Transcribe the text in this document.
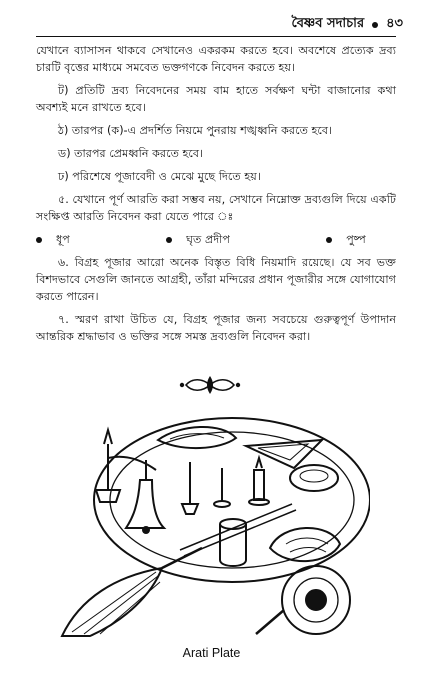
বৈষ্ণব সদাচার ৪৩

যেখানে ব্যাসাসন থাকবে সেখানেও একরকম করতে হবে। অবশেষে প্রত্যেক দ্রব্য চারটি বৃত্তের মাধ্যমে সমবেত ভক্তগণকে নিবেদন করতে হয়।

ট) প্রতিটি দ্রব্য নিবেদনের সময় বাম হাতে সর্বক্ষণ ঘন্টা বাজানোর কথা অবশ্যই মনে রাখতে হবে।

ঠ) তারপর (ক)-এ প্রদর্শিত নিয়মে পুনরায় শঙ্খধ্বনি করতে হবে।

ড) তারপর প্রেমধ্বনি করতে হবে।

ঢ) পরিশেষে পূজাবেদী ও মেঝে মুছে দিতে হয়।

৫. যেখানে পূর্ণ আরতি করা সম্ভব নয়, সেখানে নিম্নোক্ত দ্রব্যগুলি দিয়ে একটি সংক্ষিপ্ত আরতি নিবেদন করা যেতে পারে ঃ

ধূপ	ঘৃত প্রদীপ	পুষ্প

৬. বিগ্রহ পূজার আরো অনেক বিস্তৃত বিধি নিয়মাদি রয়েছে। যে সব ভক্ত বিশদভাবে সেগুলি জানতে আগ্রহী, তাঁরা মন্দিরের প্রধান পূজারীর সঙ্গে যোগাযোগ করতে পারেন।

৭. স্মরণ রাখা উচিত যে, বিগ্রহ পূজার জন্য সবচেয়ে গুরুত্বপূর্ণ উপাদান আন্তরিক শ্রদ্ধাভাব ও ভক্তির সঙ্গে সমস্ত দ্রব্যগুলি নিবেদন করা।

Arati Plate
